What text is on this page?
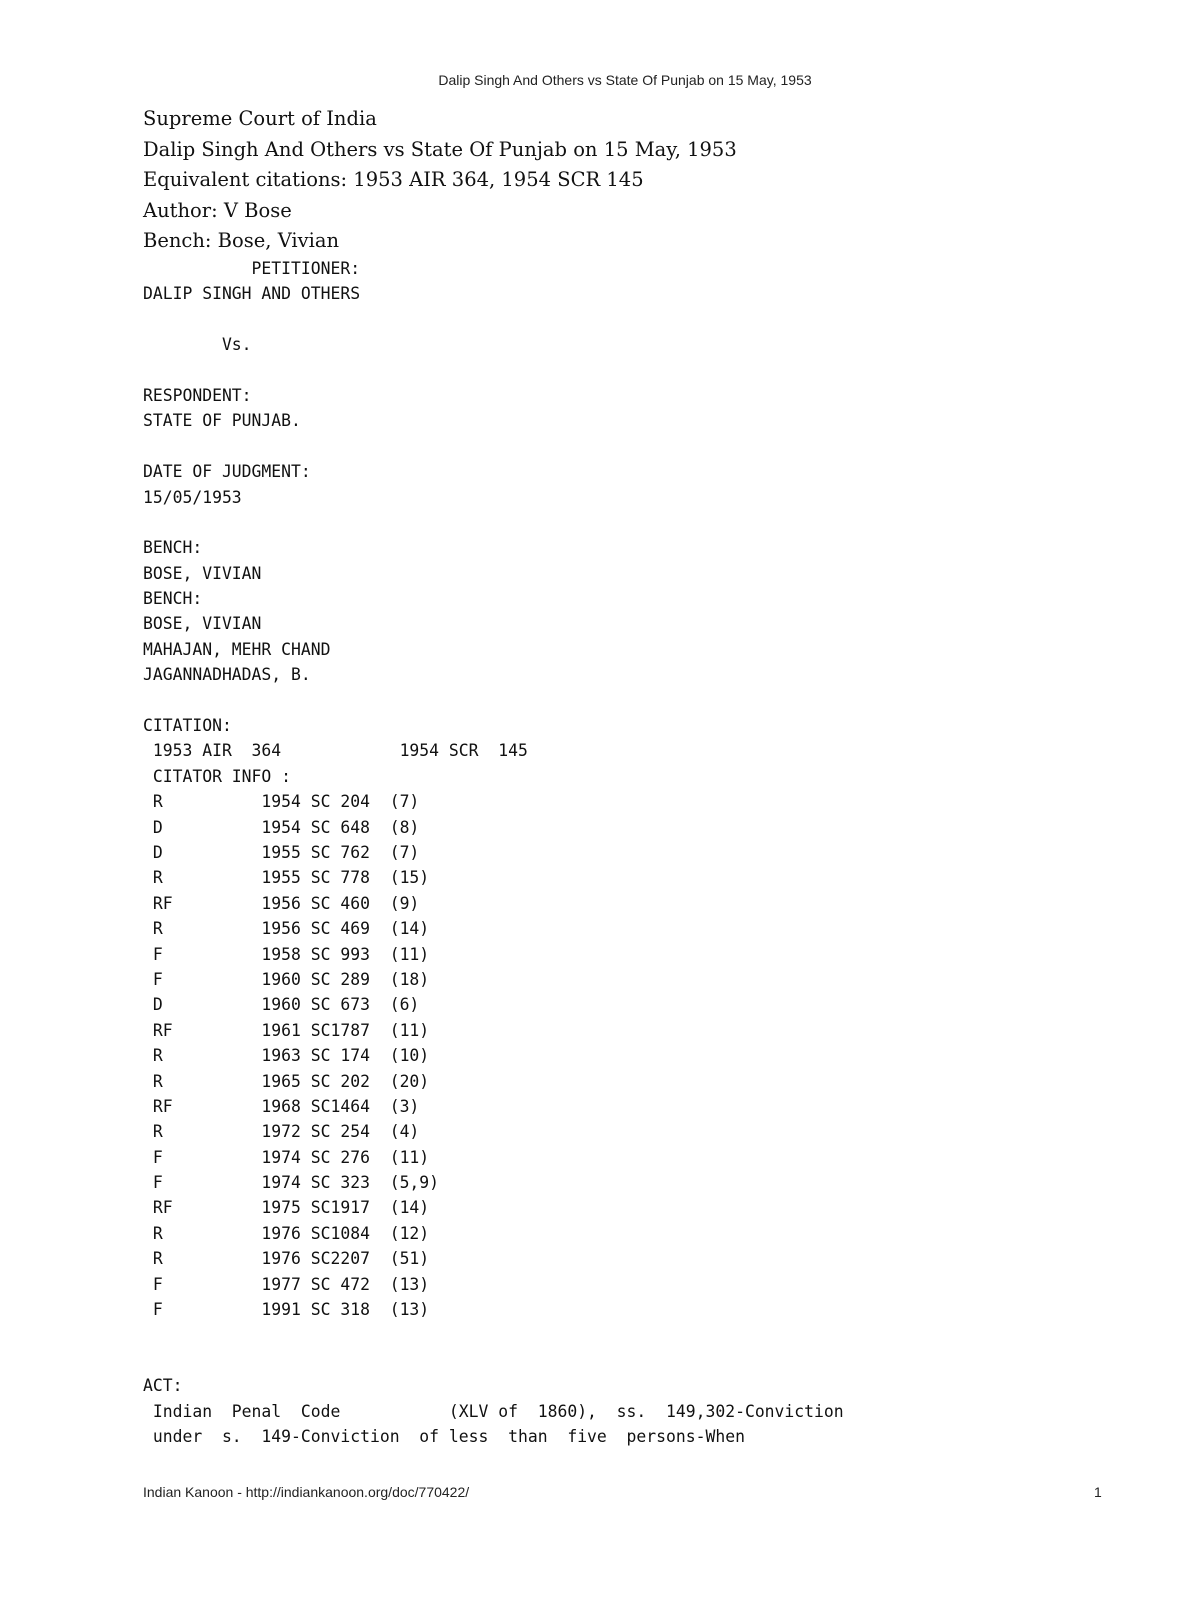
Dalip Singh And Others vs State Of Punjab on 15 May, 1953
Supreme Court of India
Dalip Singh And Others vs State Of Punjab on 15 May, 1953
Equivalent citations: 1953 AIR 364, 1954 SCR 145
Author: V Bose
Bench: Bose, Vivian
PETITIONER:
DALIP SINGH AND OTHERS
Vs.
RESPONDENT:
STATE OF PUNJAB.
DATE OF JUDGMENT:
15/05/1953
BENCH:
BOSE, VIVIAN
BENCH:
BOSE, VIVIAN
MAHAJAN, MEHR CHAND
JAGANNADHADAS, B.
CITATION:
1953 AIR  364            1954 SCR  145
CITATOR INFO :
R          1954 SC 204  (7)
D          1954 SC 648  (8)
D          1955 SC 762  (7)
R          1955 SC 778  (15)
RF         1956 SC 460  (9)
R          1956 SC 469  (14)
F          1958 SC 993  (11)
F          1960 SC 289  (18)
D          1960 SC 673  (6)
RF         1961 SC1787  (11)
R          1963 SC 174  (10)
R          1965 SC 202  (20)
RF         1968 SC1464  (3)
R          1972 SC 254  (4)
F          1974 SC 276  (11)
F          1974 SC 323  (5,9)
RF         1975 SC1917  (14)
R          1976 SC1084  (12)
R          1976 SC2207  (51)
F          1977 SC 472  (13)
F          1991 SC 318  (13)
ACT:
Indian  Penal  Code           (XLV of  1860),  ss.  149,302-Conviction
under  s.  149-Conviction  of less  than  five  persons-When
Indian Kanoon - http://indiankanoon.org/doc/770422/	1
